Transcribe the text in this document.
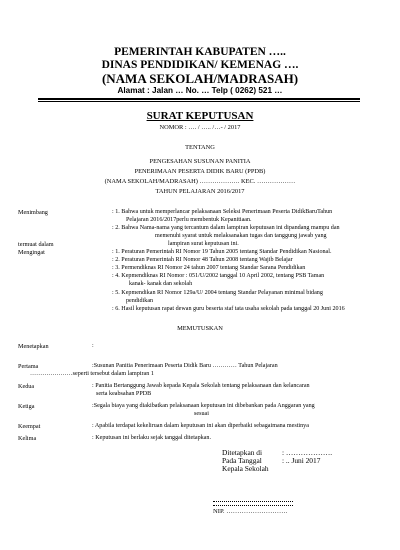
PEMERINTAH KABUPATEN …..
DINAS PENDIDIKAN/ KEMENAG ….
(NAMA SEKOLAH/MADRASAH)
Alamat : Jalan … No. … Telp ( 0262) 521 …
SURAT KEPUTUSAN
NOMOR : …. / ….. /…- / 2017
TENTANG
PENGESAHAN SUSUNAN PANITIA
PENERIMAAN PESERTA DIDIK BARU (PPDB)
(NAMA SEKOLAH/MADRASAH) ………………. KEC. ………………
TAHUN PELAJARAN 2016/2017
Menimbang	: 1. Bahwa untuk memperlancar pelaksanaan Seleksi Penerimaan Peserta DidikBaruTahun
Pelajaran 2016/2017perlu membentuk Kepanitiaan.
: 2. Bahwa Nama-nama yang tercantum dalam lampiran keputusan ini dipandang mampu dan
memenuhi syarat untuk melaksanakan tugas dan tanggung jawab yang
termuat dalam	lampiran surat keputusan ini.
Mengingat	: 1. Peraturan Pemerintah RI Nomor 19 Tahun 2005 tentang Standar Pendidikan Nasional.
: 2. Peraturan Pemerintah RI Nomor 48 Tahun 2008 tentang Wajib Belajar
: 3. Permendiknas RI Nomor 24 tahun 2007 tentang Standar Sarana Pendidikan
: 4. Kepmendiknas RI Nomor : 051/U/2002 tanggal 10 April 2002, tentang PSB Taman
kanak- kanak dan sekolah
: 5. Kepmendikan RI Nomor 129a/U/ 2004 tentang Standar Pelayanan minimal bidang
pendidikan
: 6. Hasil keputusan rapat dewan guru beserta staf tata usaha sekolah pada tanggal 20 Juni 2016
MEMUTUSKAN
Menetapkan	:
Pertama	:Susunan Panitia Penerimaan Peserta Didik Baru ………… Tahun Pelajaran
…………………seperti tersebut dalam lampiran 1
Kedua	: Panitia Bertanggung Jawab kepada Kepala Sekolah tentang pelaksanaan dan kelancaran
serta keabsahan PPDB
Ketiga	:Segala biaya yang diakibatkan pelaksanaan keputusan ini dibebankan pada Anggaran yang
sesuai
Keempat	: Apabila terdapat kekeliruan dalam keputusan ini akan diperbaiki sebagaimana mestinya
Kelima	: Keputusan ini berlaku sejak tanggal ditetapkan.
Ditetapkan di	: ……………….
Pada Tanggal	: .. Juni 2017
Kepala Sekolah
NIP. ……………………….
